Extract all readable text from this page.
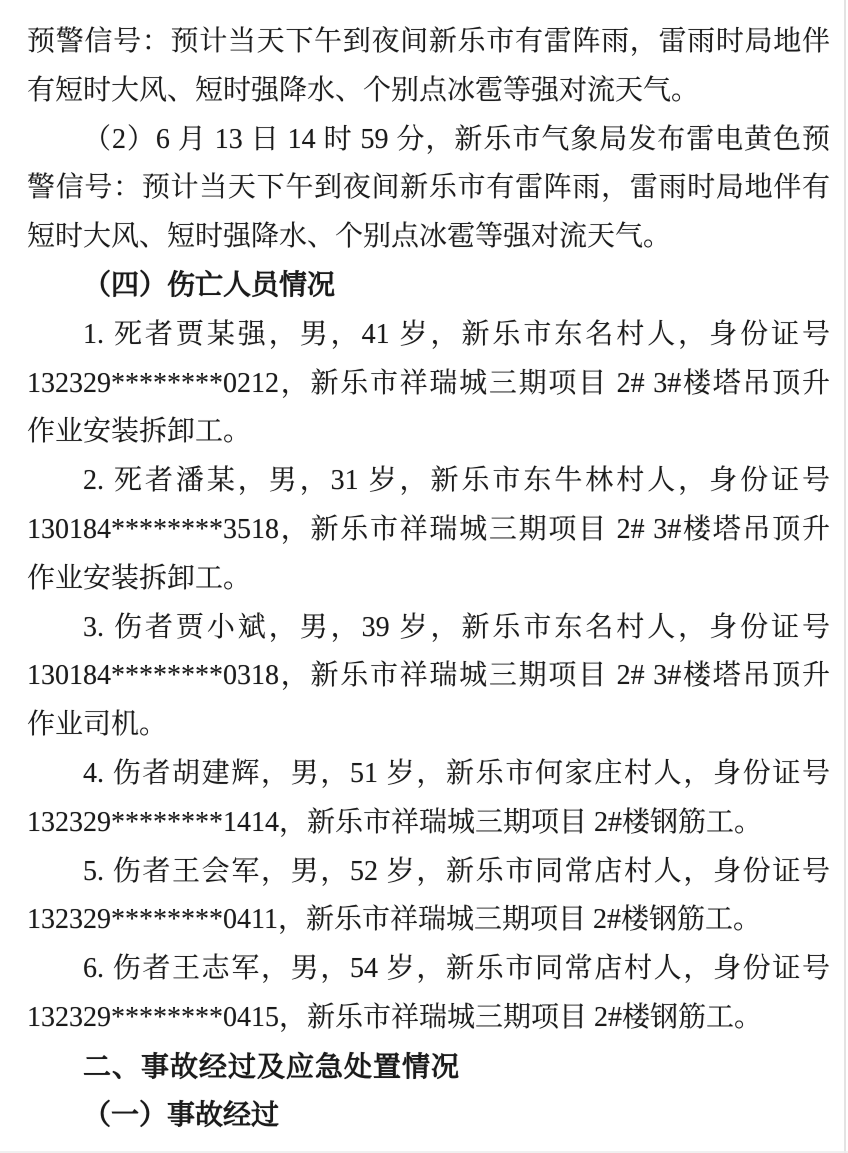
预警信号：预计当天下午到夜间新乐市有雷阵雨，雷雨时局地伴
有短时大风、短时强降水、个别点冰雹等强对流天气。
（2）6 月 13 日 14 时 59 分，新乐市气象局发布雷电黄色预
警信号：预计当天下午到夜间新乐市有雷阵雨，雷雨时局地伴有
短时大风、短时强降水、个别点冰雹等强对流天气。
（四）伤亡人员情况
1. 死者贾某强，男，41 岁，新乐市东名村人，身份证号
132329********0212，新乐市祥瑞城三期项目 2# 3#楼塔吊顶升
作业安装拆卸工。
2. 死者潘某，男，31 岁，新乐市东牛林村人，身份证号
130184********3518，新乐市祥瑞城三期项目 2# 3#楼塔吊顶升
作业安装拆卸工。
3. 伤者贾小斌，男，39 岁，新乐市东名村人，身份证号
130184********0318，新乐市祥瑞城三期项目 2# 3#楼塔吊顶升
作业司机。
4. 伤者胡建辉，男，51 岁，新乐市何家庄村人，身份证号
132329********1414，新乐市祥瑞城三期项目 2#楼钢筋工。
5. 伤者王会军，男，52 岁，新乐市同常店村人，身份证号
132329********0411，新乐市祥瑞城三期项目 2#楼钢筋工。
6. 伤者王志军，男，54 岁，新乐市同常店村人，身份证号
132329********0415，新乐市祥瑞城三期项目 2#楼钢筋工。
二、事故经过及应急处置情况
（一）事故经过
